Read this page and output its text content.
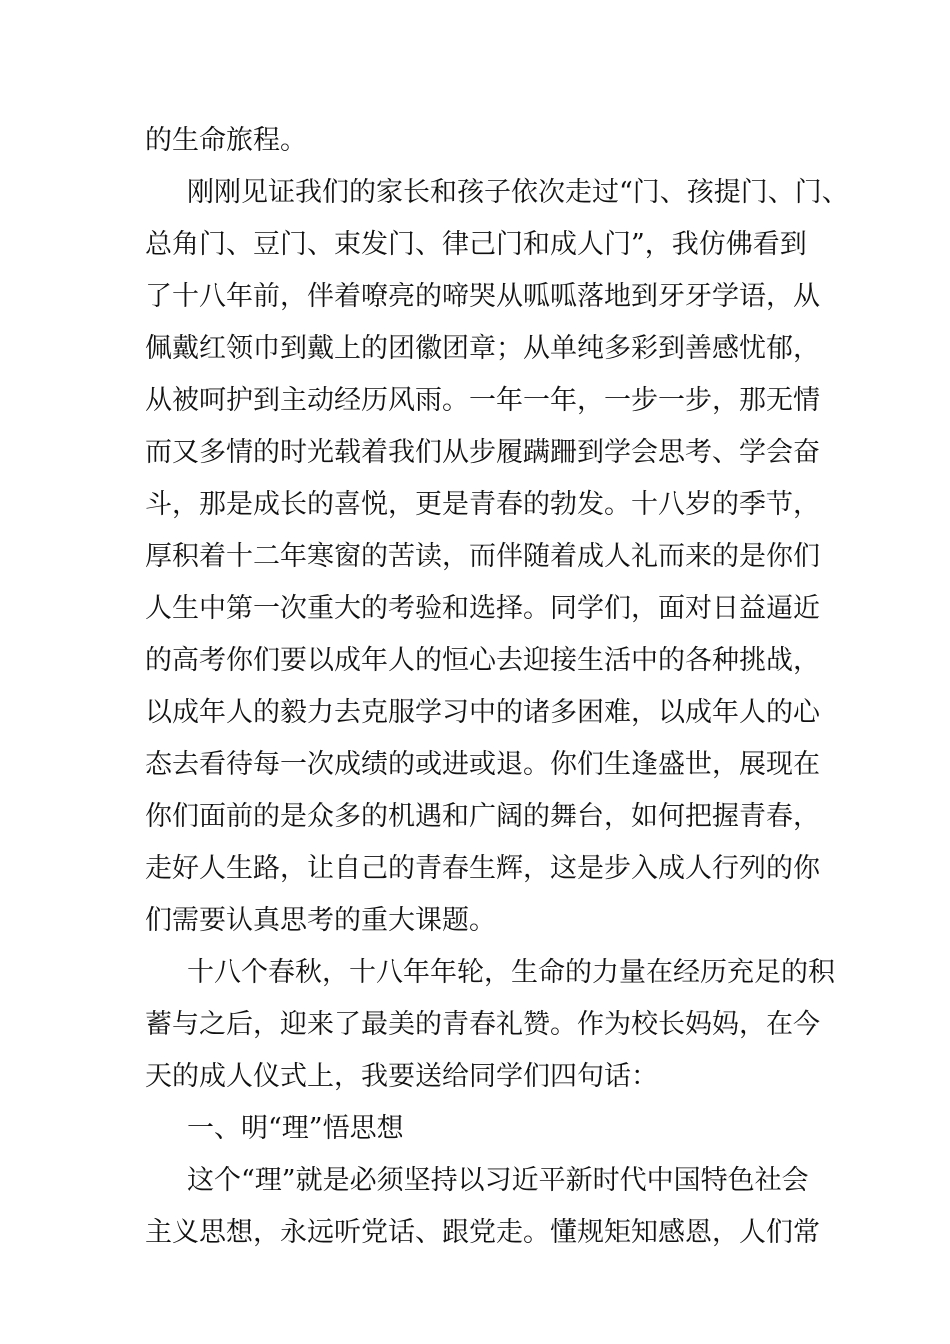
的生命旅程。
刚刚见证我们的家长和孩子依次走过“门、孩提门、门、
总角门、豆门、束发门、律己门和成人门”，我仿佛看到
了十八年前，伴着嘹亮的啼哭从呱呱落地到牙牙学语，从
佩戴红领巾到戴上的团徽团章；从单纯多彩到善感忧郁，
从被呵护到主动经历风雨。一年一年，一步一步，那无情
而又多情的时光载着我们从步履蹒跚到学会思考、学会奋
斗，那是成长的喜悦，更是青春的勃发。十八岁的季节，
厚积着十二年寒窗的苦读，而伴随着成人礼而来的是你们
人生中第一次重大的考验和选择。同学们，面对日益逼近
的高考你们要以成年人的恒心去迎接生活中的各种挑战，
以成年人的毅力去克服学习中的诸多困难，以成年人的心
态去看待每一次成绩的或进或退。你们生逢盛世，展现在
你们面前的是众多的机遇和广阔的舞台，如何把握青春，
走好人生路，让自己的青春生辉，这是步入成人行列的你
们需要认真思考的重大课题。
十八个春秋，十八年年轮，生命的力量在经历充足的积
蓄与之后，迎来了最美的青春礼赞。作为校长妈妈，在今
天的成人仪式上，我要送给同学们四句话：
一、明“理”悟思想
这个“理”就是必须坚持以习近平新时代中国特色社会
主义思想，永远听党话、跟党走。懂规矩知感恩，人们常
